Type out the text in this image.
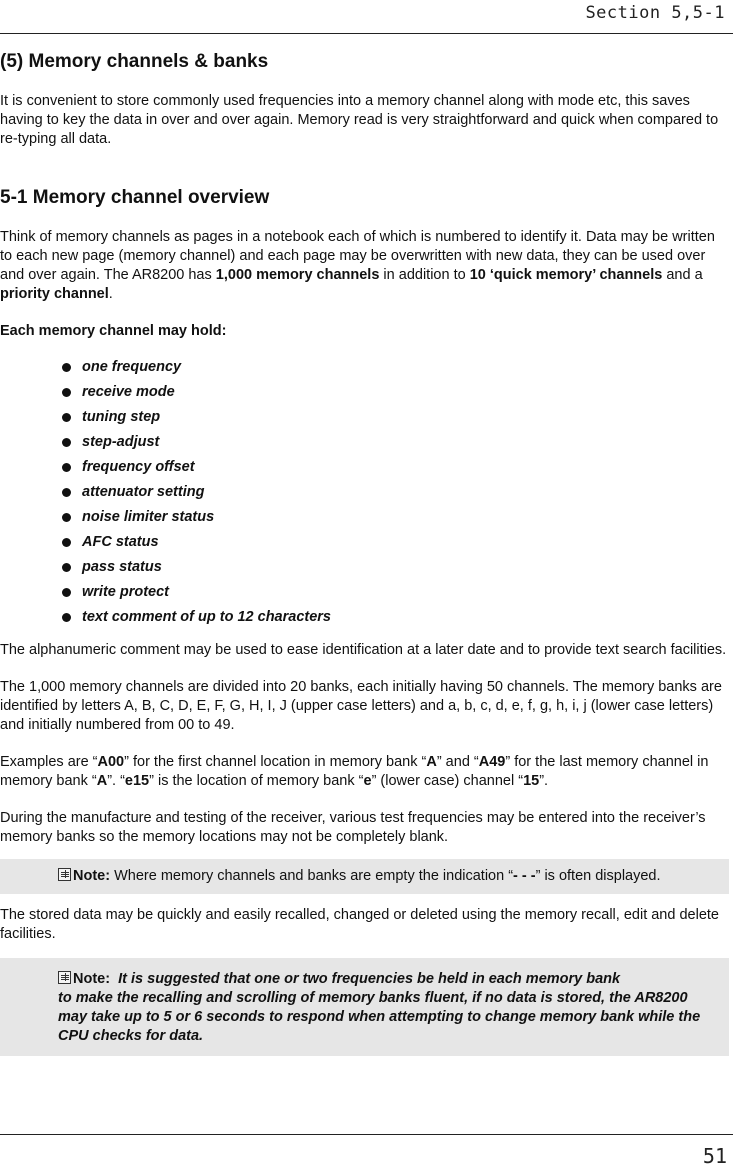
Section 5,5-1
(5) Memory channels & banks

It is convenient to store commonly used frequencies into a memory channel along with mode etc, this saves having to key the data in over and over again. Memory read is very straightforward and quick when compared to re-typing all data.

5-1 Memory channel overview

Think of memory channels as pages in a notebook each of which is numbered to identify it. Data may be written to each new page (memory channel) and each page may be overwritten with new data, they can be used over and over again. The AR8200 has 1,000 memory channels in addition to 10 ‘quick memory’ channels and a priority channel.

Each memory channel may hold:

one frequency
receive mode
tuning step
step-adjust
frequency offset
attenuator setting
noise limiter status
AFC status
pass status
write protect
text comment of up to 12 characters

The alphanumeric comment may be used to ease identification at a later date and to provide text search facilities.

The 1,000 memory channels are divided into 20 banks, each initially having 50 channels. The memory banks are identified by letters A, B, C, D, E, F, G, H, I, J (upper case letters) and a, b, c, d, e, f, g, h, i, j (lower case letters) and initially numbered from 00 to 49.

Examples are “A00” for the first channel location in memory bank “A” and “A49” for the last memory channel in memory bank “A”. “e15” is the location of memory bank “e” (lower case) channel “15”.

During the manufacture and testing of the receiver, various test frequencies may be entered into the receiver’s memory banks so the memory locations may not be completely blank.

Note: Where memory channels and banks are empty the indication “- - -” is often displayed.

The stored data may be quickly and easily recalled, changed or deleted using the memory recall, edit and delete facilities.

Note: It is suggested that one or two frequencies be held in each memory bank
to make the recalling and scrolling of memory banks fluent, if no data is stored, the AR8200 may take up to 5 or 6 seconds to respond when attempting to change memory bank while the CPU checks for data.
51
